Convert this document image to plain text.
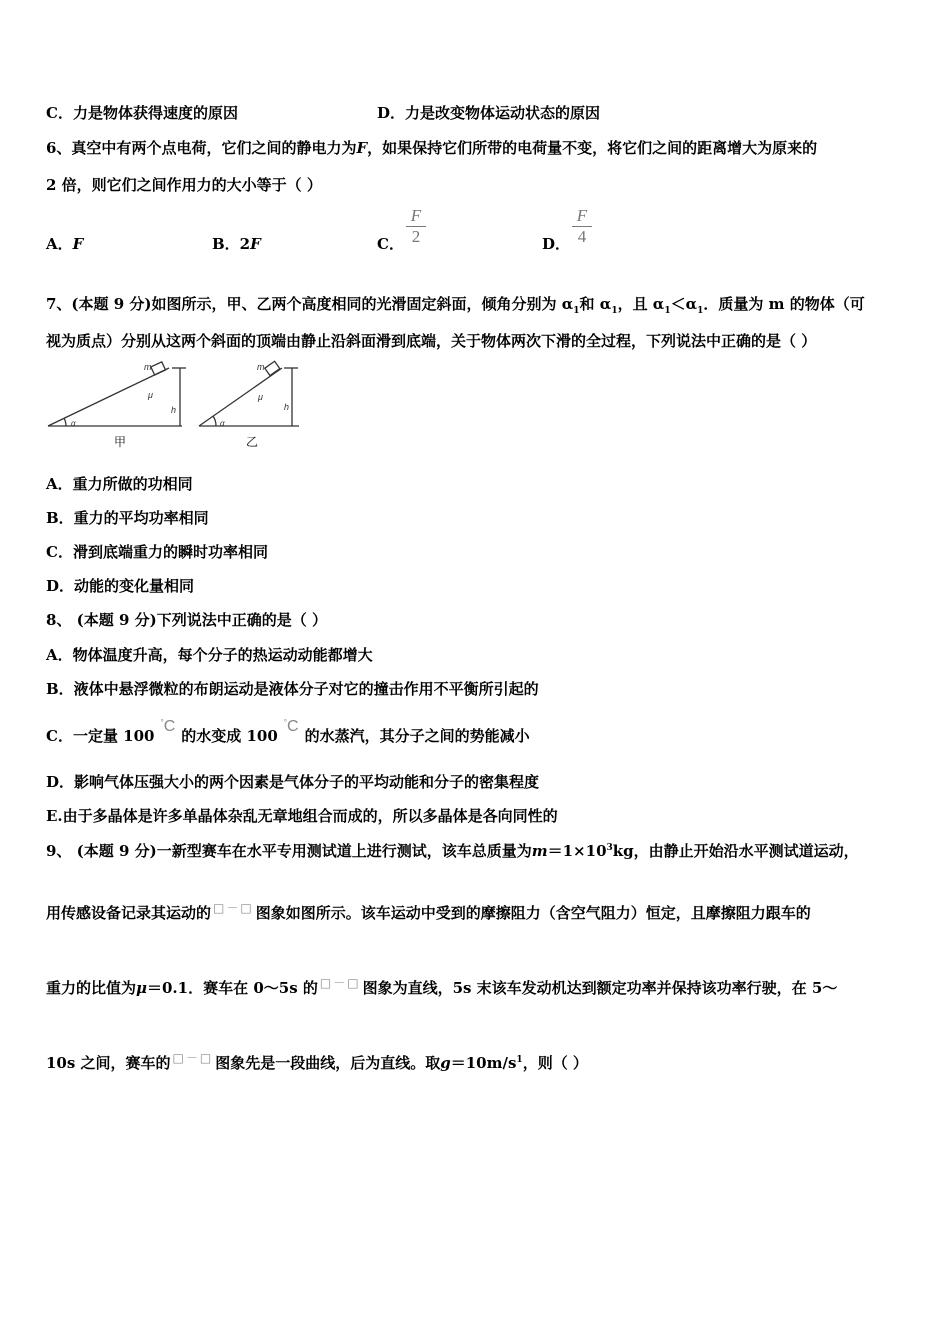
C．力是物体获得速度的原因	D．力是改变物体运动状态的原因
6、真空中有两个点电荷，它们之间的静电力为F，如果保持它们所带的电荷量不变，将它们之间的距离增大为原来的
2 倍，则它们之间作用力的大小等于（ ）
A．F	B．2F	C．
F
2	D．
F
4
7、(本题 9 分)如图所示，甲、乙两个高度相同的光滑固定斜面，倾角分别为 $\alpha_1$和 $\alpha_1$，且 $\alpha_1<\alpha_1$．质量为 m 的物体（可
视为质点）分别从这两个斜面的顶端由静止沿斜面滑到底端，关于物体两次下滑的全过程，下列说法中正确的是（ ）
m
μ
h
α
甲
m
μ
h
α
乙
A．重力所做的功相同
B．重力的平均功率相同
C．滑到底端重力的瞬时功率相同
D．动能的变化量相同
8、 (本题 9 分)下列说法中正确的是（ ）
A．物体温度升高，每个分子的热运动动能都增大
B．液体中悬浮微粒的布朗运动是液体分子对它的撞击作用不平衡所引起的
C．一定量 100°C的水变成 100°C的水蒸汽，其分子之间的势能减小
D．影响气体压强大小的两个因素是气体分子的平均动能和分子的密集程度
E.由于多晶体是许多单晶体杂乱无章地组合而成的，所以多晶体是各向同性的
9、 (本题 9 分)一新型赛车在水平专用测试道上进行测试，该车总质量为$m=1\times 10^3kg$，由静止开始沿水平测试道运动，
用传感设备记录其运动的 □－□ 图象如图所示。该车运动中受到的摩擦阻力（含空气阻力）恒定，且摩擦阻力跟车的
重力的比值为μ＝0.1．赛车在 0～5s 的 □－□ 图象为直线，5s 末该车发动机达到额定功率并保持该功率行驶，在 5～
10s 之间，赛车的 □－□ 图象先是一段曲线，后为直线。取$g=10m/s^1$，则（ ）
